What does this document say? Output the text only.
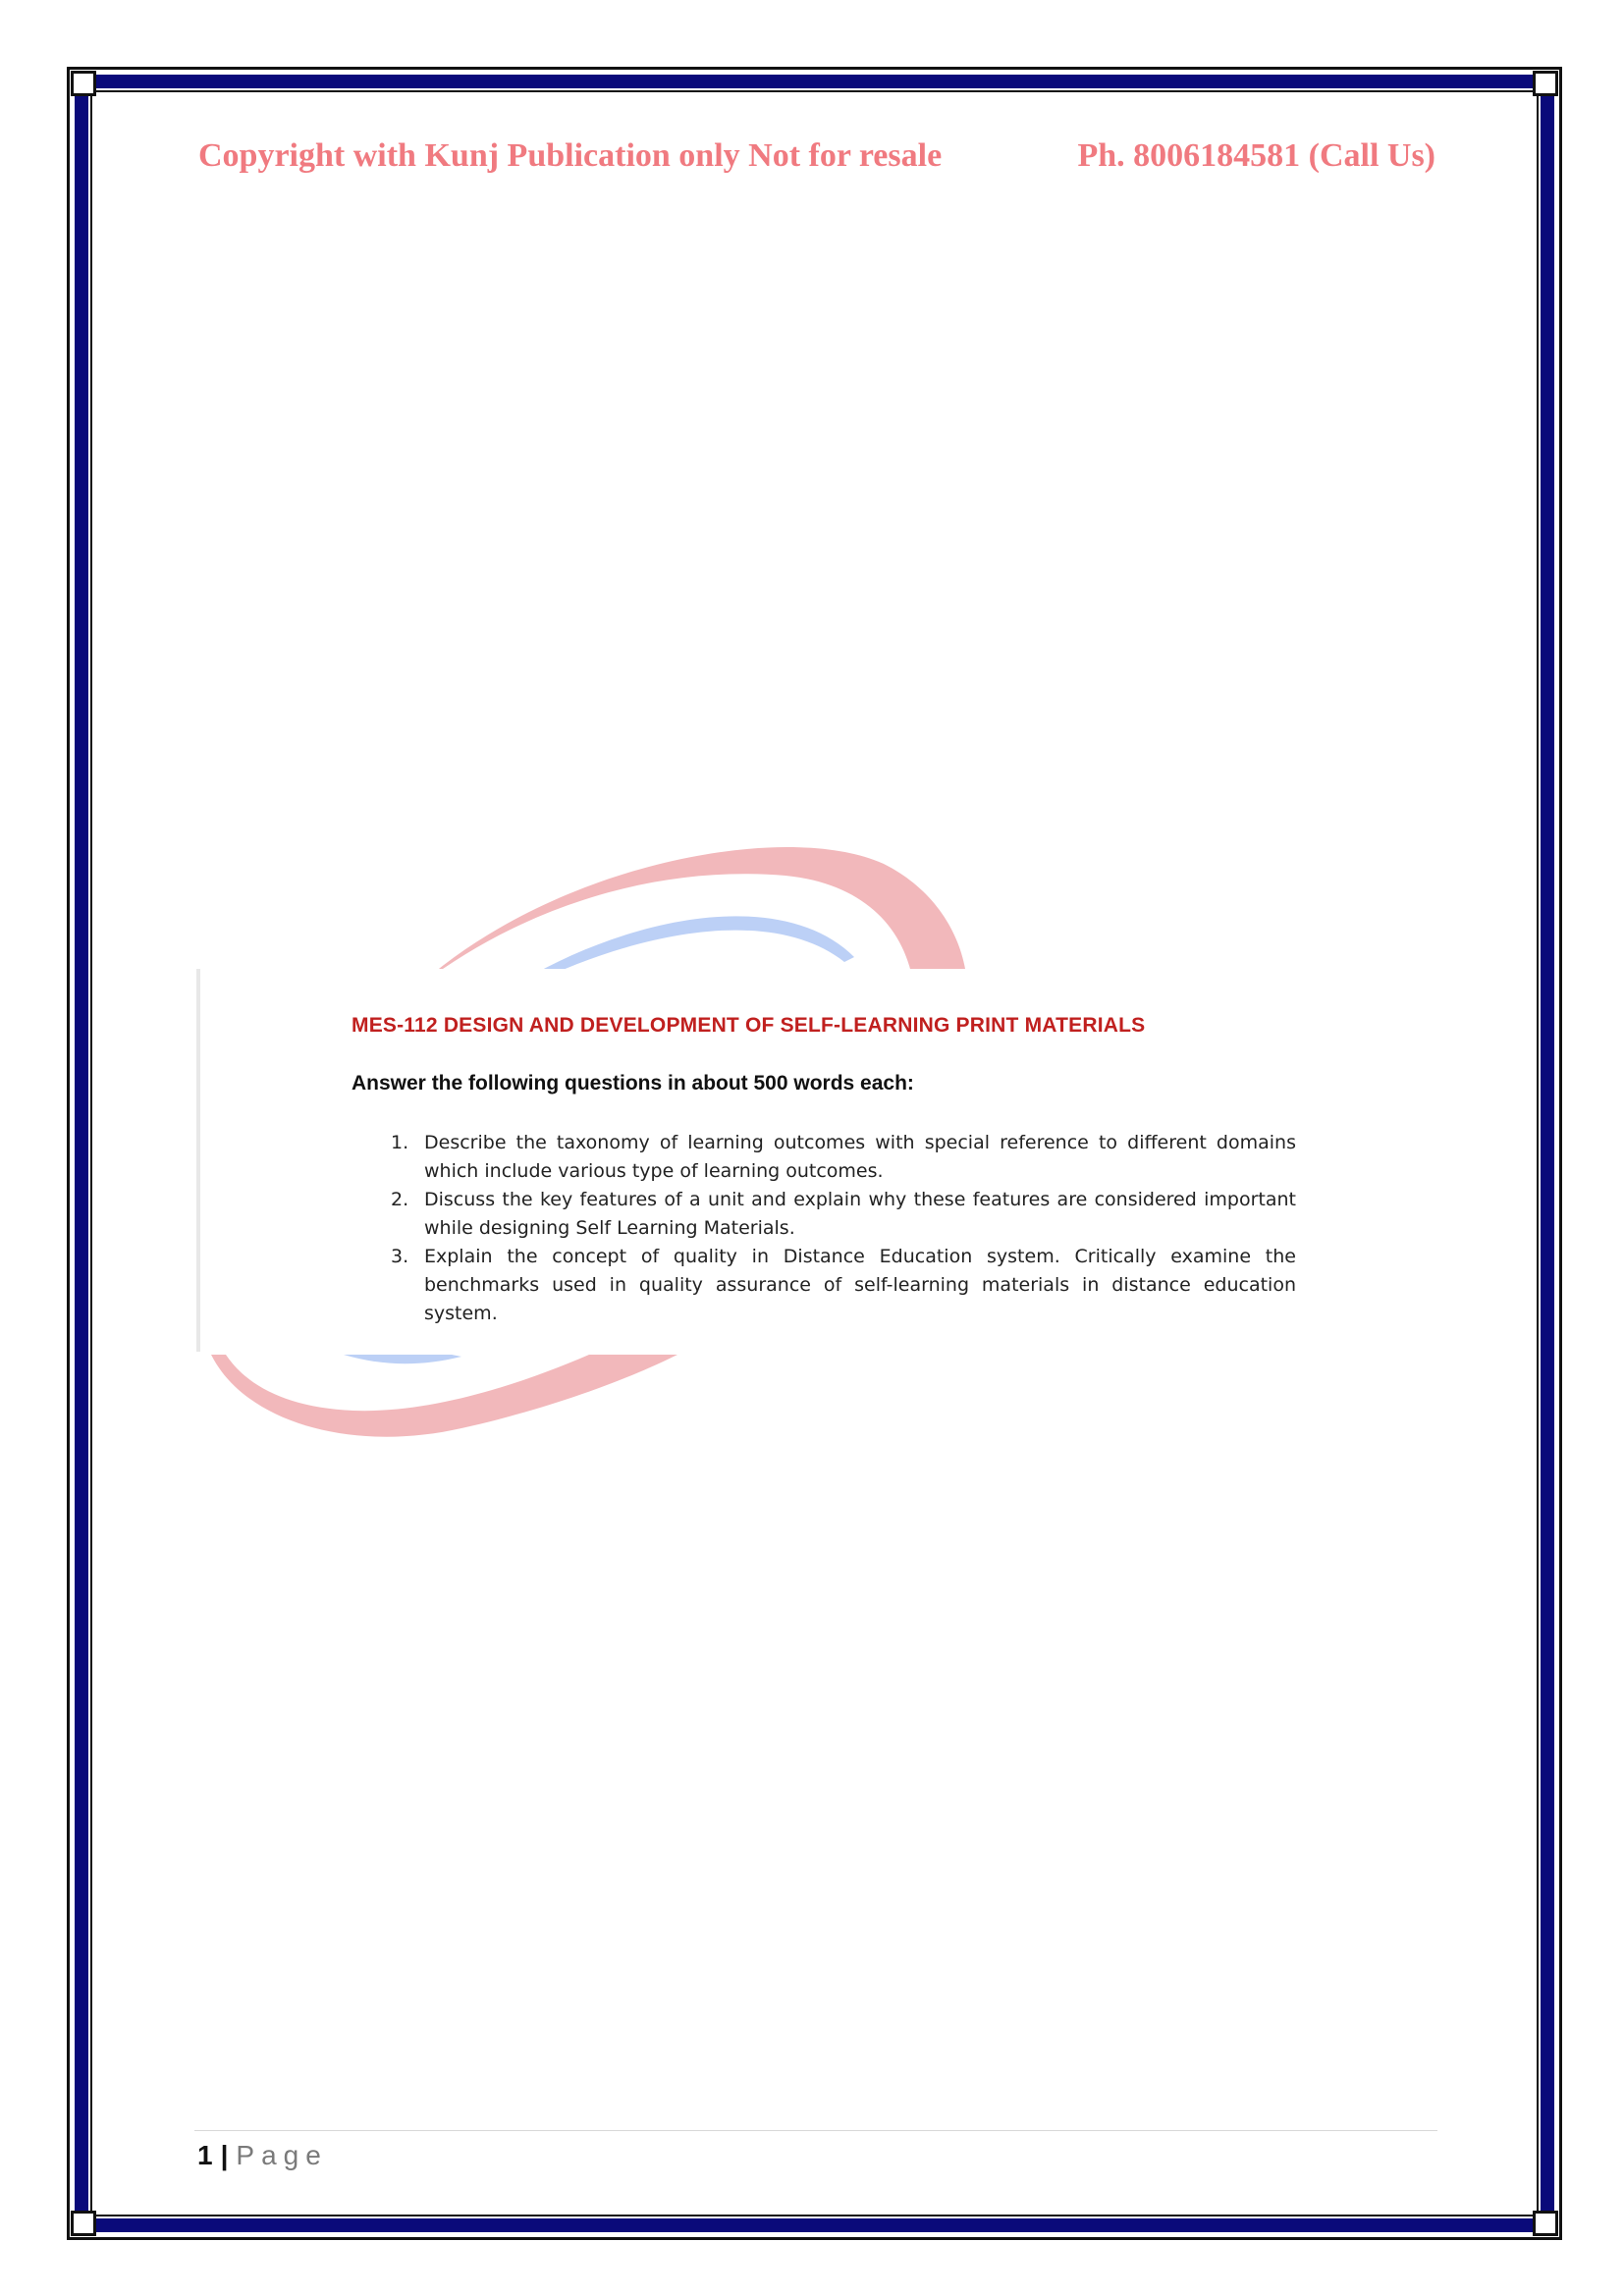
Copyright with Kunj Publication only Not for resale	Ph. 8006184581 (Call Us)
MES-112 DESIGN AND DEVELOPMENT OF SELF-LEARNING PRINT MATERIALS
Answer the following questions in about 500 words each:
1. Describe the taxonomy of learning outcomes with special reference to different domains which include various type of learning outcomes.
2. Discuss the key features of a unit and explain why these features are considered important while designing Self Learning Materials.
3. Explain the concept of quality in Distance Education system. Critically examine the benchmarks used in quality assurance of self-learning materials in distance education system.
1 | Page
